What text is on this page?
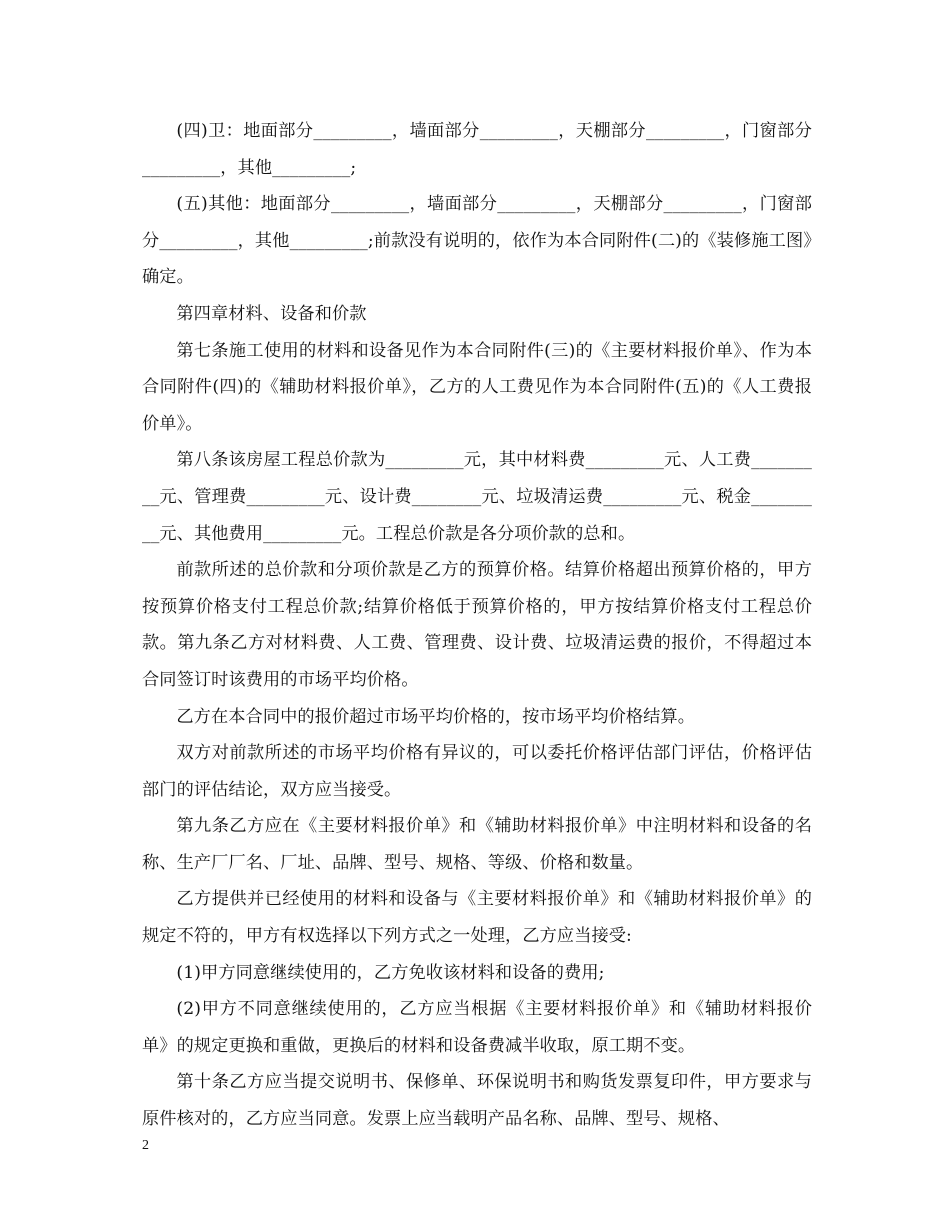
(四)卫：地面部分_________，墙面部分_________，天棚部分_________，门窗部分_________，其他_________;

(五)其他：地面部分_________，墙面部分_________，天棚部分_________，门窗部分_________，其他_________;前款没有说明的，依作为本合同附件(二)的《装修施工图》确定。

第四章材料、设备和价款

第七条施工使用的材料和设备见作为本合同附件(三)的《主要材料报价单》、作为本合同附件(四)的《辅助材料报价单》，乙方的人工费见作为本合同附件(五)的《人工费报价单》。

第八条该房屋工程总价款为_________元，其中材料费_________元、人工费_________元、管理费_________元、设计费________元、垃圾清运费_________元、税金_________元、其他费用_________元。工程总价款是各分项价款的总和。

前款所述的总价款和分项价款是乙方的预算价格。结算价格超出预算价格的，甲方按预算价格支付工程总价款;结算价格低于预算价格的，甲方按结算价格支付工程总价款。第九条乙方对材料费、人工费、管理费、设计费、垃圾清运费的报价，不得超过本合同签订时该费用的市场平均价格。

乙方在本合同中的报价超过市场平均价格的，按市场平均价格结算。

双方对前款所述的市场平均价格有异议的，可以委托价格评估部门评估，价格评估部门的评估结论，双方应当接受。

第九条乙方应在《主要材料报价单》和《辅助材料报价单》中注明材料和设备的名称、生产厂厂名、厂址、品牌、型号、规格、等级、价格和数量。

乙方提供并已经使用的材料和设备与《主要材料报价单》和《辅助材料报价单》的规定不符的，甲方有权选择以下列方式之一处理，乙方应当接受:

(1)甲方同意继续使用的，乙方免收该材料和设备的费用;

(2)甲方不同意继续使用的，乙方应当根据《主要材料报价单》和《辅助材料报价单》的规定更换和重做，更换后的材料和设备费减半收取，原工期不变。

第十条乙方应当提交说明书、保修单、环保说明书和购货发票复印件，甲方要求与原件核对的，乙方应当同意。发票上应当载明产品名称、品牌、型号、规格、

2
